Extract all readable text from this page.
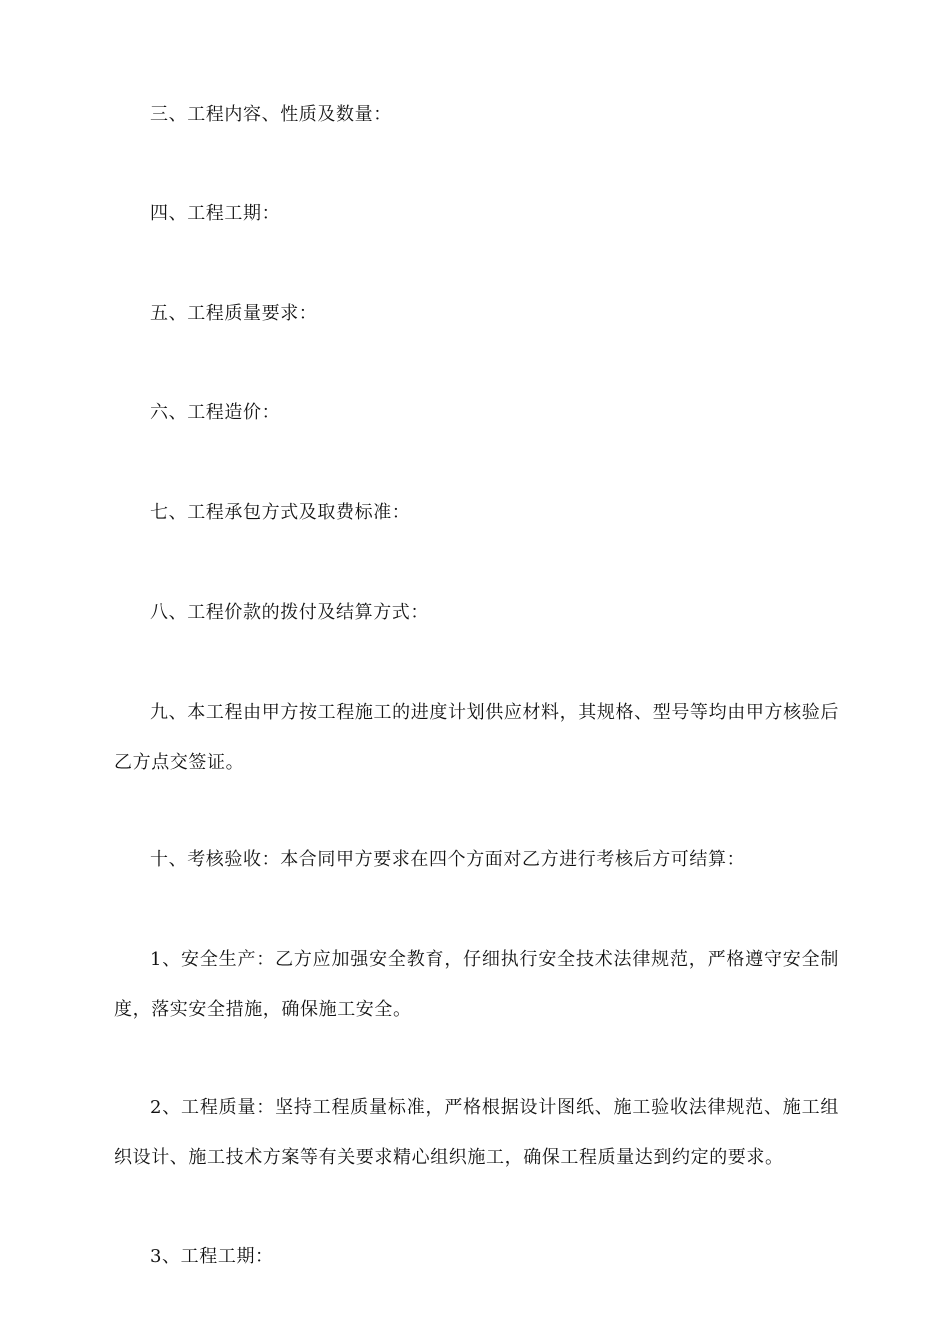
三、工程内容、性质及数量：

四、工程工期：

五、工程质量要求：

六、工程造价：

七、工程承包方式及取费标准：

八、工程价款的拨付及结算方式：

九、本工程由甲方按工程施工的进度计划供应材料，其规格、型号等均由甲方核验后乙方点交签证。

十、考核验收：本合同甲方要求在四个方面对乙方进行考核后方可结算：

1、安全生产：乙方应加强安全教育，仔细执行安全技术法律规范，严格遵守安全制度，落实安全措施，确保施工安全。

2、工程质量：坚持工程质量标准，严格根据设计图纸、施工验收法律规范、施工组织设计、施工技术方案等有关要求精心组织施工，确保工程质量达到约定的要求。

3、工程工期：
